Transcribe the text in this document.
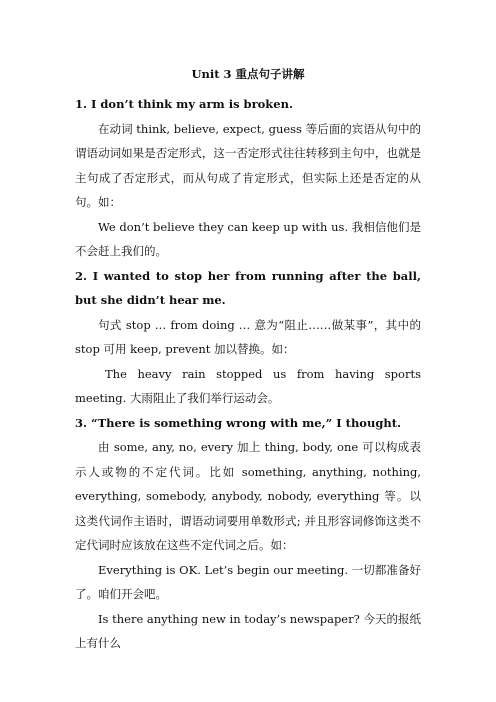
Unit 3 重点句子讲解

1. I don’t think my arm is broken.

在动词 think, believe, expect, guess 等后面的宾语从句中的谓语动词如果是否定形式，这一否定形式往往转移到主句中，也就是主句成了否定形式，而从句成了肯定形式，但实际上还是否定的从句。如：

We don’t believe they can keep up with us. 我相信他们是不会赶上我们的。

2. I wanted to stop her from running after the ball, but she didn’t hear me.

句式 stop … from doing … 意为“阻止……做某事”，其中的 stop 可用 keep, prevent 加以替换。如：

The heavy rain stopped us from having sports meeting. 大雨阻止了我们举行运动会。

3. “There is something wrong with me,” I thought.

由 some, any, no, every 加上 thing, body, one 可以构成表示人或物的不定代词。比如 something, anything, nothing, everything, somebody, anybody, nobody, everything 等。以这类代词作主语时，谓语动词要用单数形式; 并且形容词修饰这类不定代词时应该放在这些不定代词之后。如：

Everything is OK. Let’s begin our meeting. 一切都准备好了。咱们开会吧。

Is there anything new in today’s newspaper? 今天的报纸上有什么
